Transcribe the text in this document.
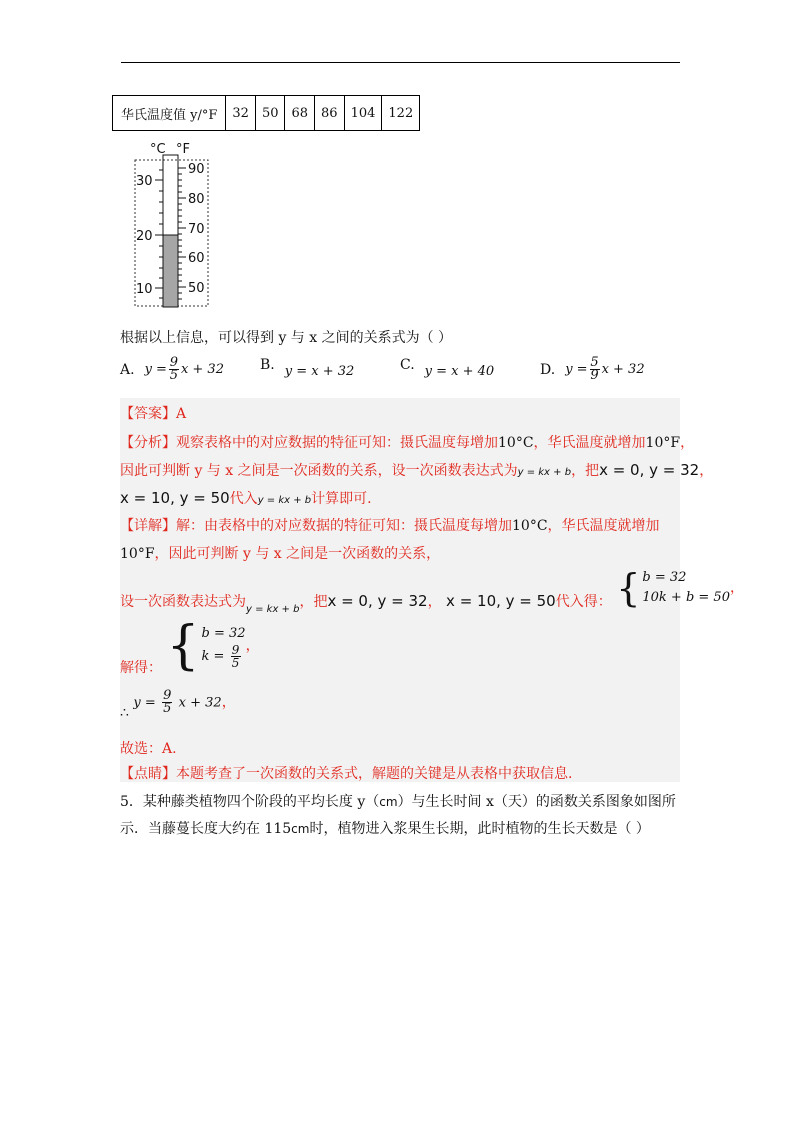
华氏温度值 y/°F	32	50	68	86	104	122
°C °F
30
20
10
90
80
70
60
50
根据以上信息，可以得到 y 与 x 之间的关系式为（ ）
A. $y = \frac{9}{5}$ x + 32	B. y = x + 32	C. y = x + 40	D. $y = \frac{5}{9}$ x + 32
【答案】A
【分析】观察表格中的对应数据的特征可知：摄氏温度每增加10°C，华氏温度就增加10°F，
因此可判断 y 与 x 之间是一次函数的关系，设一次函数表达式为y = kx + b，把x = 0, y = 32，
x = 10, y = 50代入y = kx + b计算即可.
【详解】解：由表格中的对应数据的特征可知：摄氏温度每增加10°C，华氏温度就增加
10°F，因此可判断 y 与 x 之间是一次函数的关系，
设一次函数表达式为$_{y = kx + b}$，把x = 0, y = 32， x = 10, y = 50代入得： { b = 32
10k + b = 50
，
解得： { b = 32
$k = \frac{9}{5}$ ，
∴ $y = \frac{9}{5}$ x + 32，
故选：A.
【点睛】本题考查了一次函数的关系式，解题的关键是从表格中获取信息.
5．某种藤类植物四个阶段的平均长度 y（cm）与生长时间 x（天）的函数关系图象如图所
示．当藤蔓长度大约在 115cm时，植物进入浆果生长期，此时植物的生长天数是（ ）
